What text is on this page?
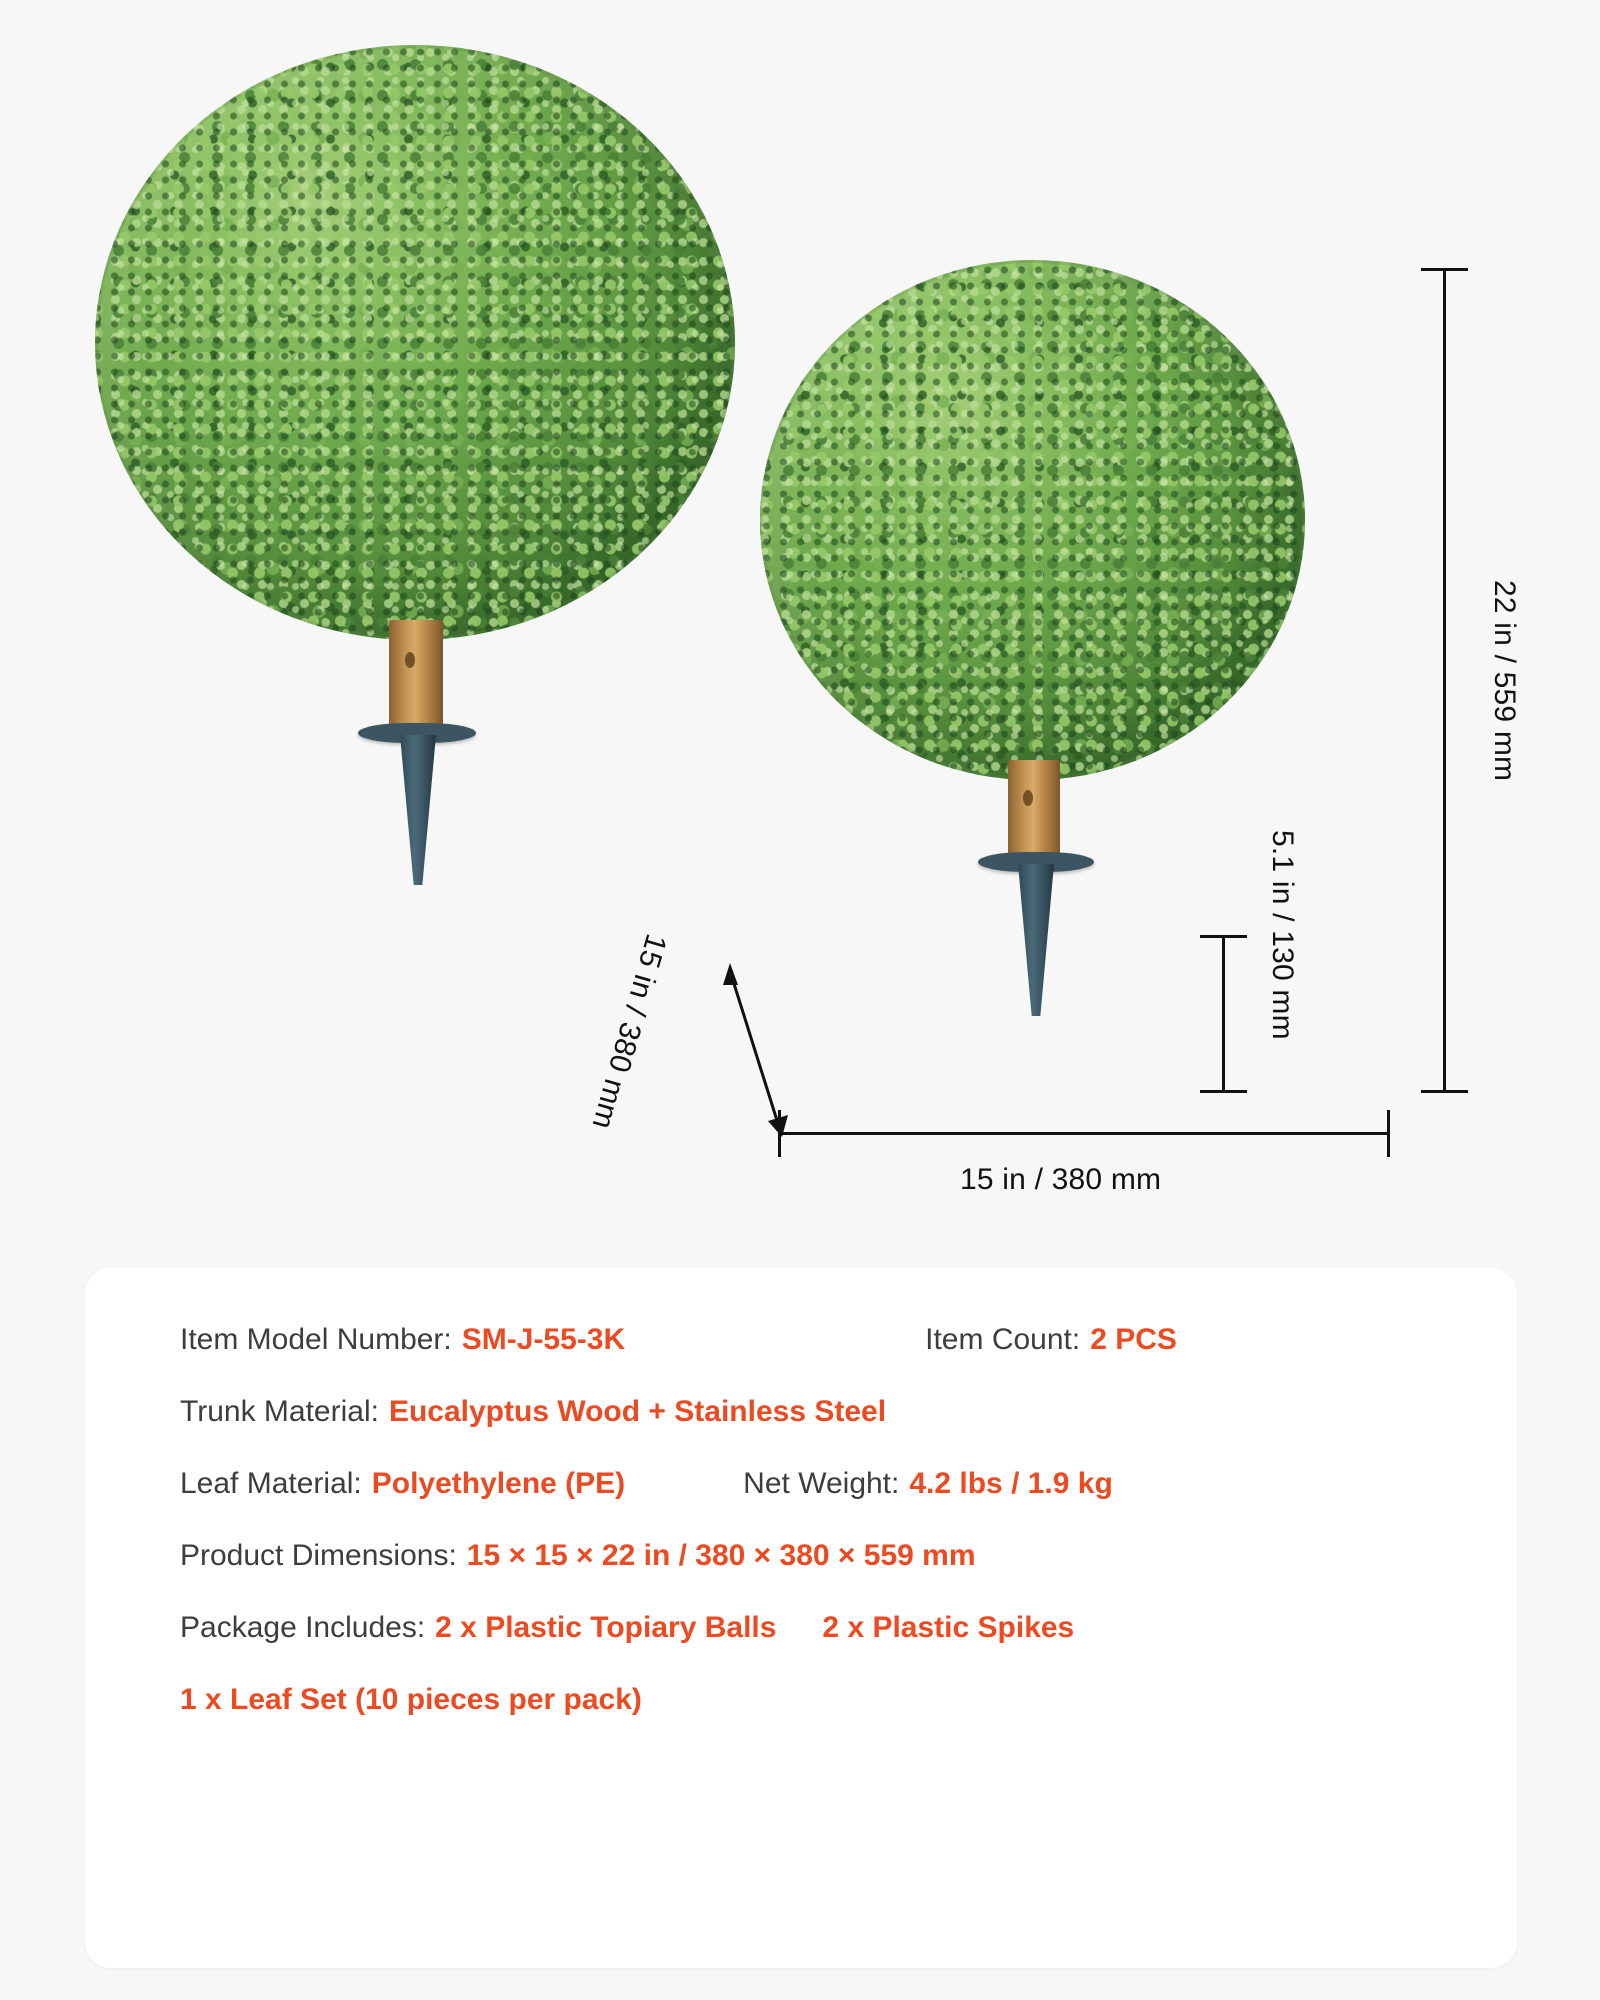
22 in / 559 mm
5.1 in / 130 mm
15 in / 380 mm
15 in / 380 mm
Item Model Number: SM-J-55-3K	Item Count: 2 PCS
Trunk Material: Eucalyptus Wood + Stainless Steel
Leaf Material: Polyethylene (PE)	Net Weight: 4.2 lbs / 1.9 kg
Product Dimensions: 15 × 15 × 22 in / 380 × 380 × 559 mm
Package Includes: 2 x Plastic Topiary Balls 2 x Plastic Spikes
1 x Leaf Set (10 pieces per pack)
